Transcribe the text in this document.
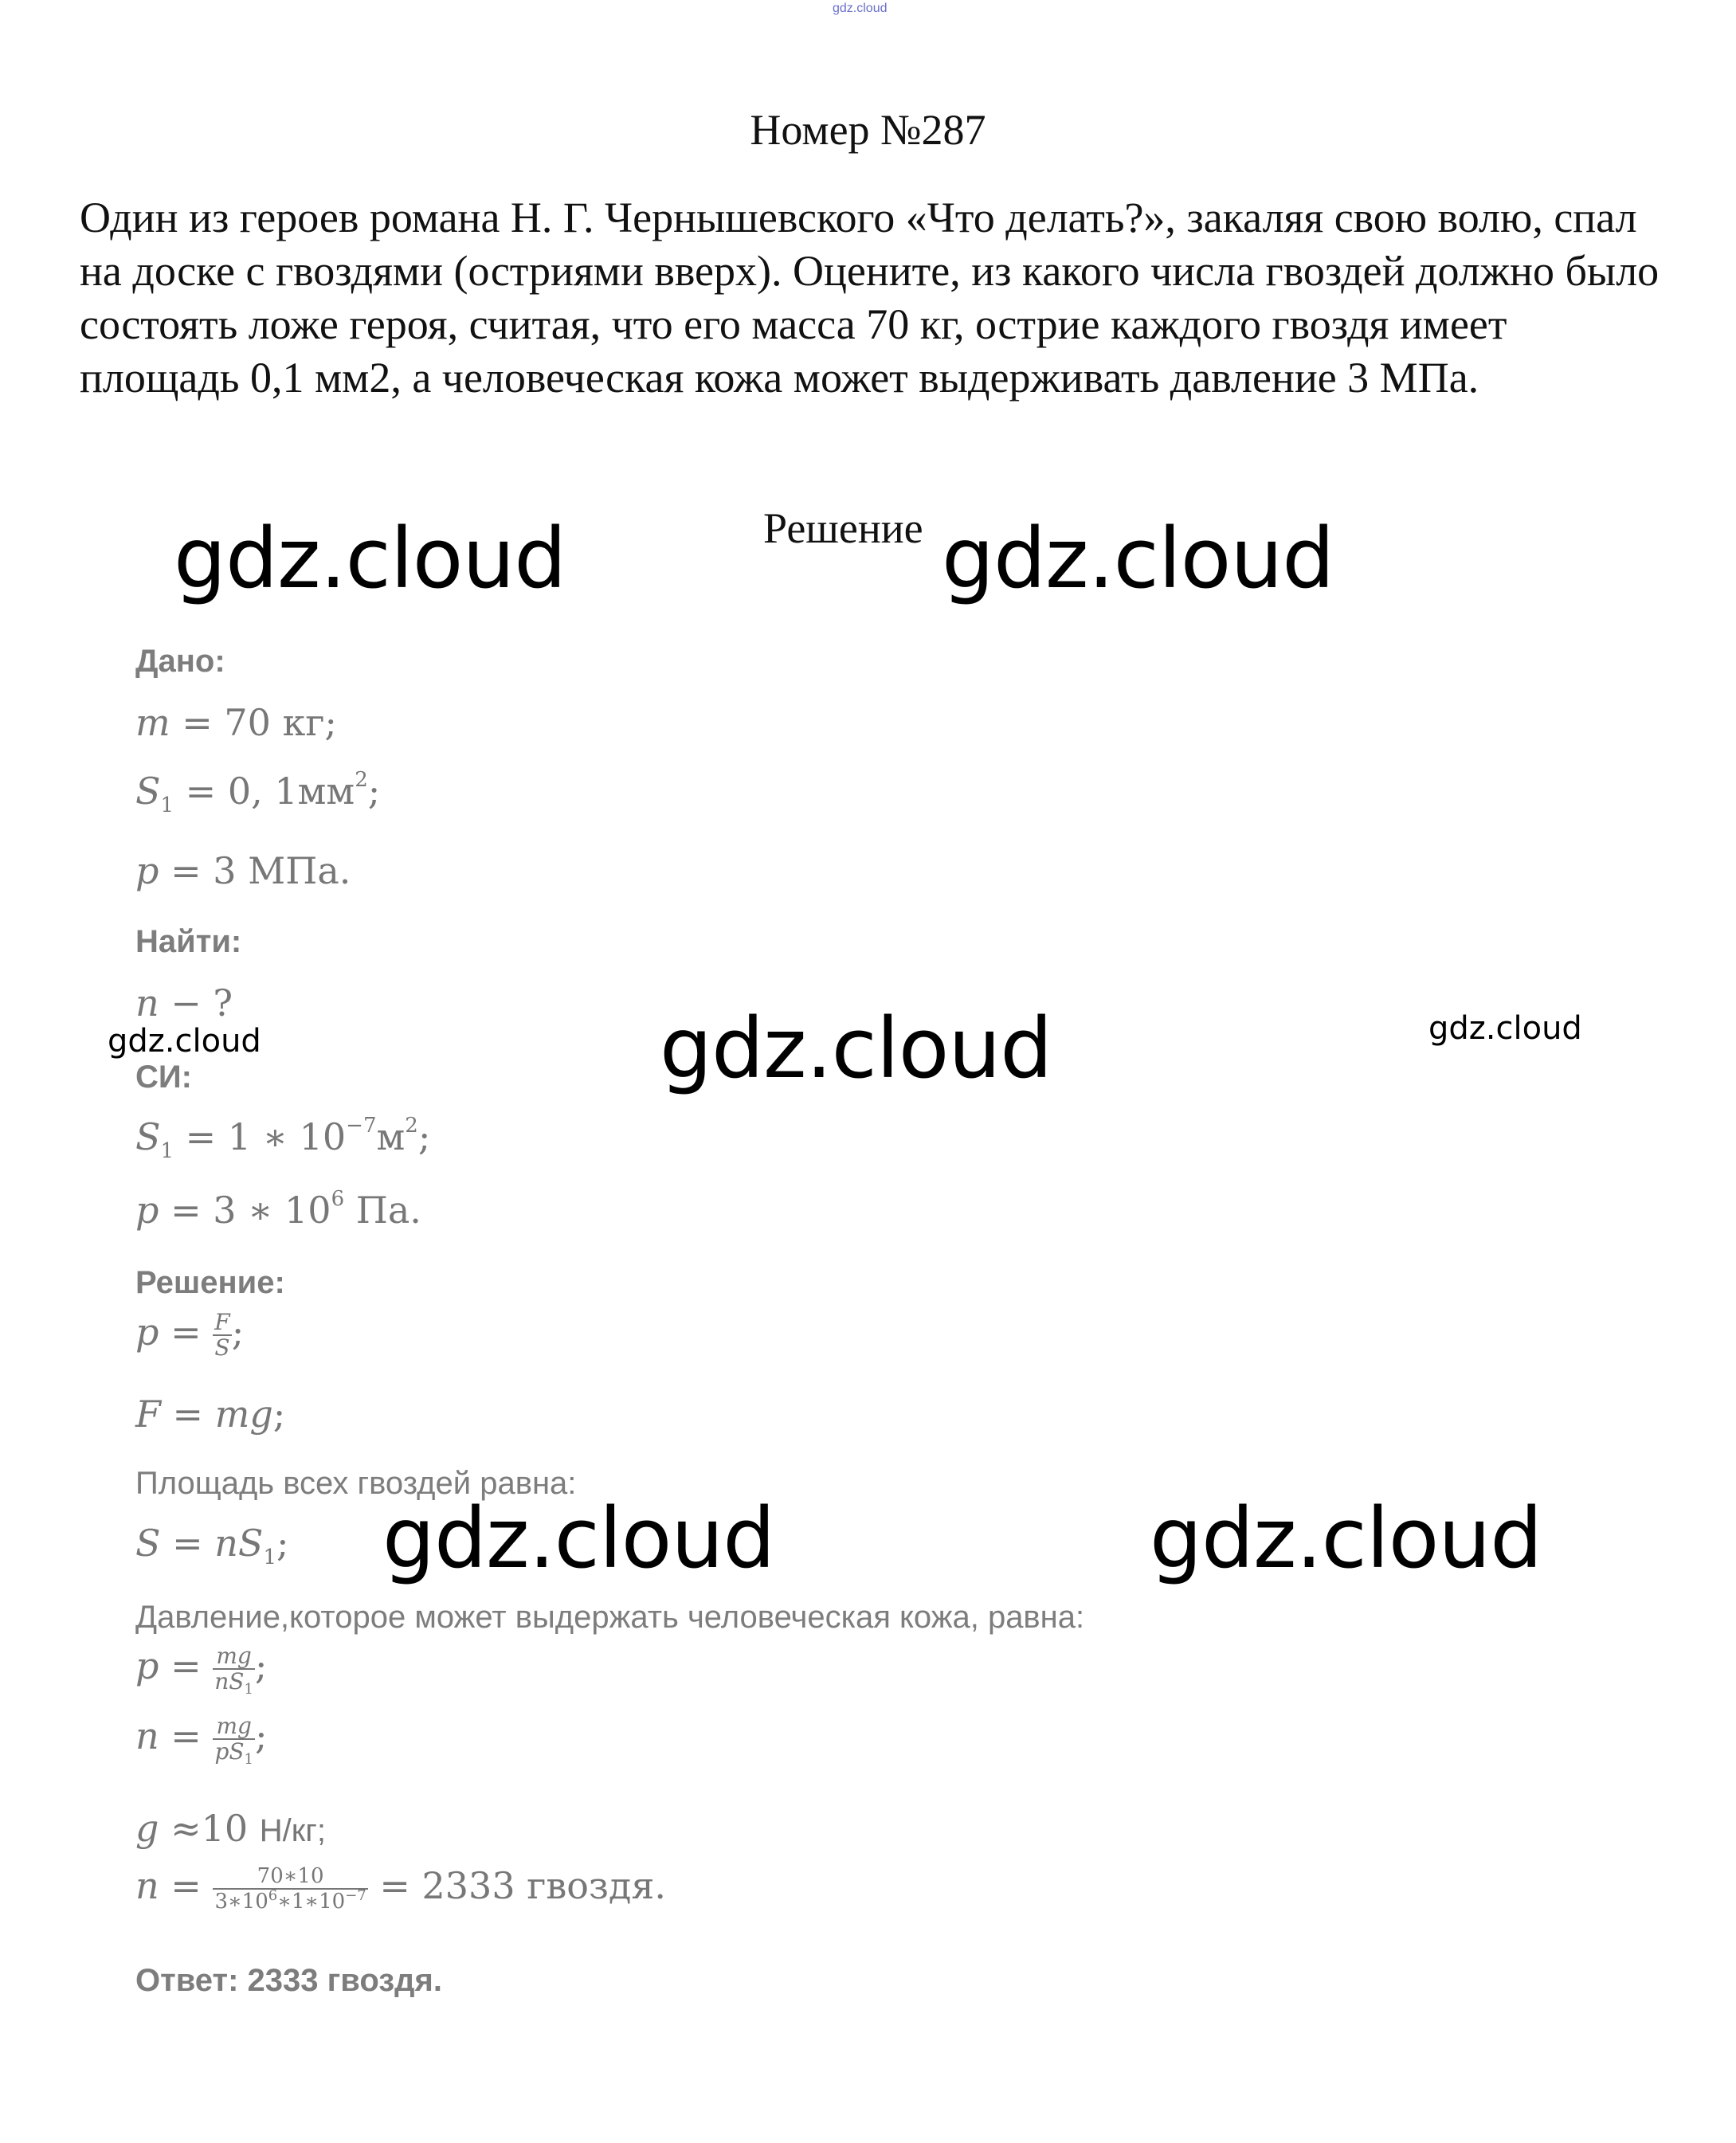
gdz.cloud
Номер №287

Один из героев романа Н. Г. Чернышевского «Что делать?», закаляя свою волю, спал на доске с гвоздями (остриями вверх). Оцените, из какого числа гвоздей должно было состоять ложе героя, считая, что его масса 70 кг, острие каждого гвоздя имеет площадь 0,1 мм2, а человеческая кожа может выдерживать давление 3 МПа.

Решение
gdz.cloud	gdz.cloud
gdz.cloud
gdz.cloud	gdz.cloud
gdz.cloud	gdz.cloud
Дано:
m = 70 кг;
$S_1 = 0$, $1мм^2$;
p = 3 МПа.
Найти:
n − ?
СИ:
$S_1 = 1$ ∗ $10^{-7}м^2$;
p = 3 ∗ $10^6$ Па.
Решение:
$p = \frac{F}{S}$ ;
F = mg;
Площадь всех гвоздей равна:
$S = nS_1$;
Давление,которое может выдержать человеческая кожа, равна:
$p = \frac{mg}{nS_1}$ ;
$n = \frac{mg}{pS_1}$ ;
g ≈10 Н/кг;
$n = \frac{70∗10}{3∗10^6∗1∗10^{-7}} = 2333$ гвоздя.
Ответ: 2333 гвоздя.
